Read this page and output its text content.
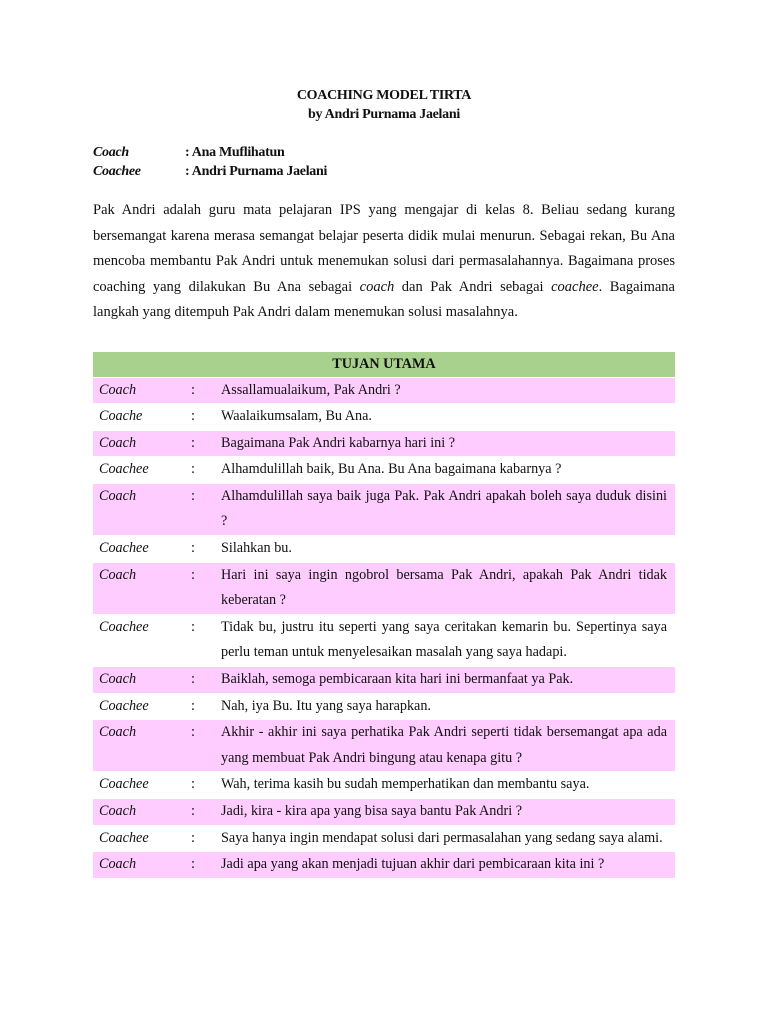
COACHING MODEL TIRTA
by Andri Purnama Jaelani
Coach	: Ana Muflihatun
Coachee	: Andri Purnama Jaelani

Pak Andri adalah guru mata pelajaran IPS yang mengajar di kelas 8. Beliau sedang kurang bersemangat karena merasa semangat belajar peserta didik mulai menurun. Sebagai rekan, Bu Ana mencoba membantu Pak Andri untuk menemukan solusi dari permasalahannya. Bagaimana proses coaching yang dilakukan Bu Ana sebagai coach dan Pak Andri sebagai coachee. Bagaimana langkah yang ditempuh Pak Andri dalam menemukan solusi masalahnya.

TUJAN UTAMA
Coach	:	Assallamualaikum, Pak Andri ?
Coache	:	Waalaikumsalam, Bu Ana.
Coach	:	Bagaimana Pak Andri kabarnya hari ini ?
Coachee	:	Alhamdulillah baik, Bu Ana. Bu Ana bagaimana kabarnya ?
Coach	:	Alhamdulillah saya baik juga Pak. Pak Andri apakah boleh saya duduk disini ?
Coachee	:	Silahkan bu.
Coach	:	Hari ini saya ingin ngobrol bersama Pak Andri, apakah Pak Andri tidak keberatan ?
Coachee	:	Tidak bu, justru itu seperti yang saya ceritakan kemarin bu. Sepertinya saya perlu teman untuk menyelesaikan masalah yang saya hadapi.
Coach	:	Baiklah, semoga pembicaraan kita hari ini bermanfaat ya Pak.
Coachee	:	Nah, iya Bu. Itu yang saya harapkan.
Coach	:	Akhir - akhir ini saya perhatika Pak Andri seperti tidak bersemangat apa ada yang membuat Pak Andri bingung atau kenapa gitu ?
Coachee	:	Wah, terima kasih bu sudah memperhatikan dan membantu saya.
Coach	:	Jadi, kira - kira apa yang bisa saya bantu Pak Andri ?
Coachee	:	Saya hanya ingin mendapat solusi dari permasalahan yang sedang saya alami.
Coach	:	Jadi apa yang akan menjadi tujuan akhir dari pembicaraan kita ini ?
